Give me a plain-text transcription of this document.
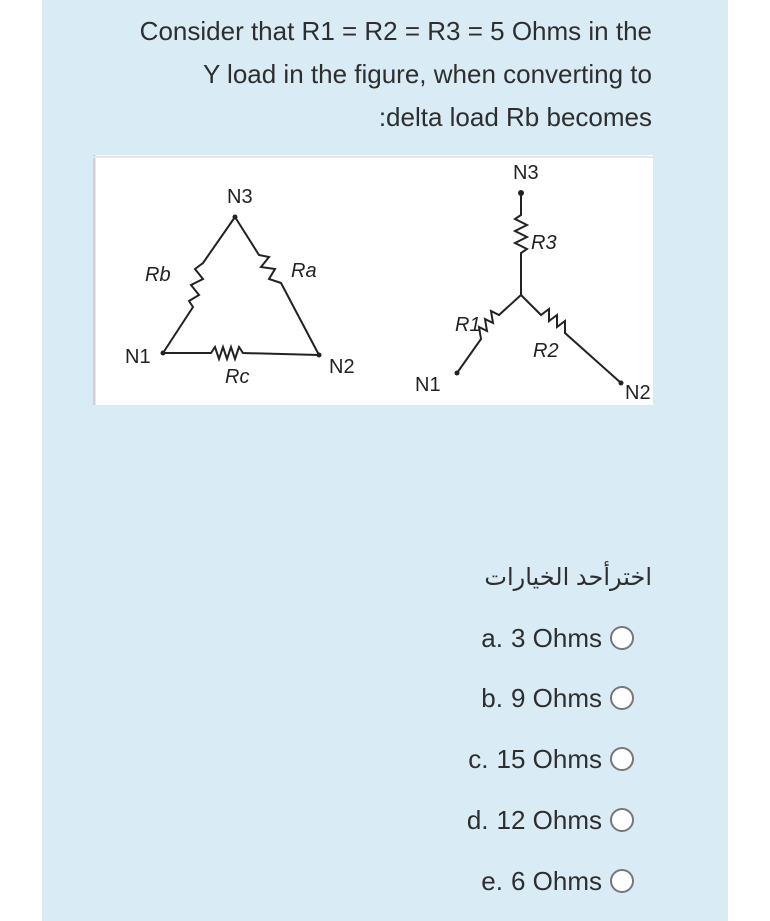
Consider that R1 = R2 = R3 = 5 Ohms in the
Y load in the figure, when converting to
:delta load Rb becomes
N3
N1	N2
Rb	Ra
Rc
N3
N1	N2
R3
R1
R2
اخترأحد الخيارات
a. 3 Ohms
b. 9 Ohms
c. 15 Ohms
d. 12 Ohms
e. 6 Ohms
